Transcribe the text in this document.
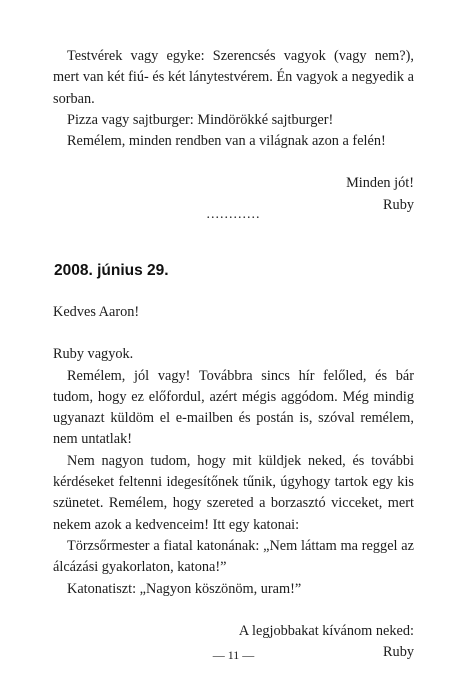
Testvérek vagy egyke: Szerencsés vagyok (vagy nem?), mert van két fiú- és két lánytestvérem. Én vagyok a negyedik a sorban.

Pizza vagy sajtburger: Mindörökké sajtburger!

Remélem, minden rendben van a világnak azon a felén!

Minden jót!

Ruby

............
2008. június 29.

Kedves Aaron!

Ruby vagyok.

Remélem, jól vagy! Továbbra sincs hír felőled, és bár tudom, hogy ez előfordul, azért mégis aggódom. Még mindig ugyanazt küldöm el e-mailben és postán is, szóval remélem, nem untatlak!

Nem nagyon tudom, hogy mit küldjek neked, és további kérdéseket feltenni idegesítőnek tűnik, úgyhogy tartok egy kis szünetet. Remélem, hogy szereted a borzasztó vicceket, mert nekem azok a kedvenceim! Itt egy katonai:

Törzsőrmester a fiatal katonának: „Nem láttam ma reggel az álcázási gyakorlaton, katona!”

Katonatiszt: „Nagyon köszönöm, uram!”

A legjobbakat kívánom neked:

Ruby

— 11 —
